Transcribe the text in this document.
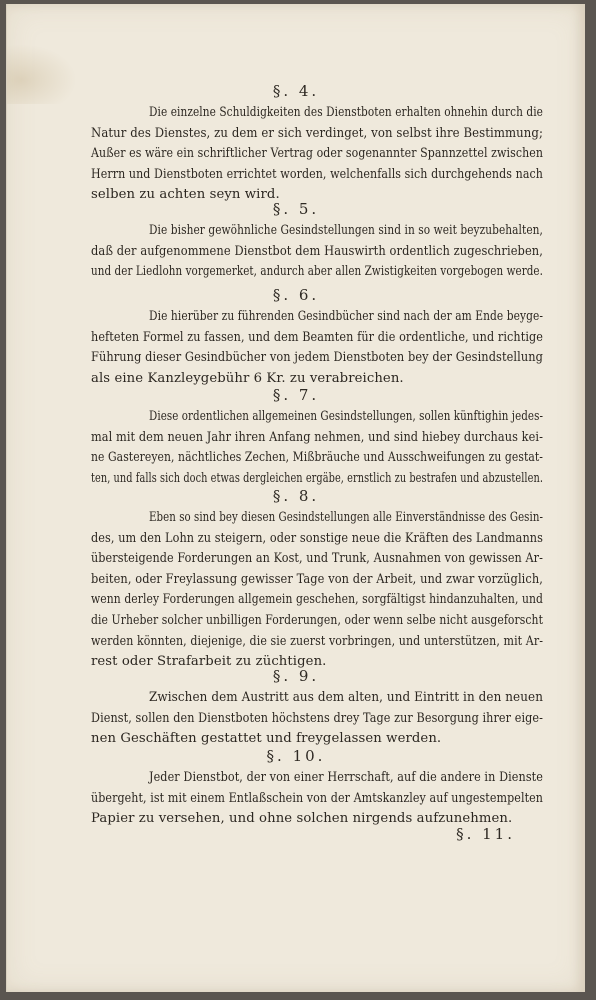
§. 4.
Die einzelne Schuldigkeiten des Dienstboten erhalten ohnehin durch die
Natur des Dienstes, zu dem er sich verdinget, von selbst ihre Bestimmung;
Außer es wäre ein schriftlicher Vertrag oder sogenannter Spannzettel zwischen
Herrn und Dienstboten errichtet worden, welchenfalls sich durchgehends nach
selben zu achten seyn wird.
§. 5.
Die bisher gewöhnliche Gesindstellungen sind in so weit beyzubehalten,
daß der aufgenommene Dienstbot dem Hauswirth ordentlich zugeschrieben,
und der Liedlohn vorgemerket, andurch aber allen Zwistigkeiten vorgebogen werde.
§. 6.
Die hierüber zu führenden Gesindbücher sind nach der am Ende beyge-
hefteten Formel zu fassen, und dem Beamten für die ordentliche, und richtige
Führung dieser Gesindbücher von jedem Dienstboten bey der Gesindstellung
als eine Kanzleygebühr 6 Kr. zu verabreichen.
§. 7.
Diese ordentlichen allgemeinen Gesindstellungen, sollen künftighin jedes-
mal mit dem neuen Jahr ihren Anfang nehmen, und sind hiebey durchaus kei-
ne Gastereyen, nächtliches Zechen, Mißbräuche und Ausschweifungen zu gestat-
ten, und falls sich doch etwas dergleichen ergäbe, ernstlich zu bestrafen und abzustellen.
§. 8.
Eben so sind bey diesen Gesindstellungen alle Einverständnisse des Gesin-
des, um den Lohn zu steigern, oder sonstige neue die Kräften des Landmanns
übersteigende Forderungen an Kost, und Trunk, Ausnahmen von gewissen Ar-
beiten, oder Freylassung gewisser Tage von der Arbeit, und zwar vorzüglich,
wenn derley Forderungen allgemein geschehen, sorgfältigst hindanzuhalten, und
die Urheber solcher unbilligen Forderungen, oder wenn selbe nicht ausgeforscht
werden könnten, diejenige, die sie zuerst vorbringen, und unterstützen, mit Ar-
rest oder Strafarbeit zu züchtigen.
§. 9.
Zwischen dem Austritt aus dem alten, und Eintritt in den neuen
Dienst, sollen den Dienstboten höchstens drey Tage zur Besorgung ihrer eige-
nen Geschäften gestattet und freygelassen werden.
§. 10.
Jeder Dienstbot, der von einer Herrschaft, auf die andere in Dienste
übergeht, ist mit einem Entlaßschein von der Amtskanzley auf ungestempelten
Papier zu versehen, und ohne solchen nirgends aufzunehmen.
§. 11.
